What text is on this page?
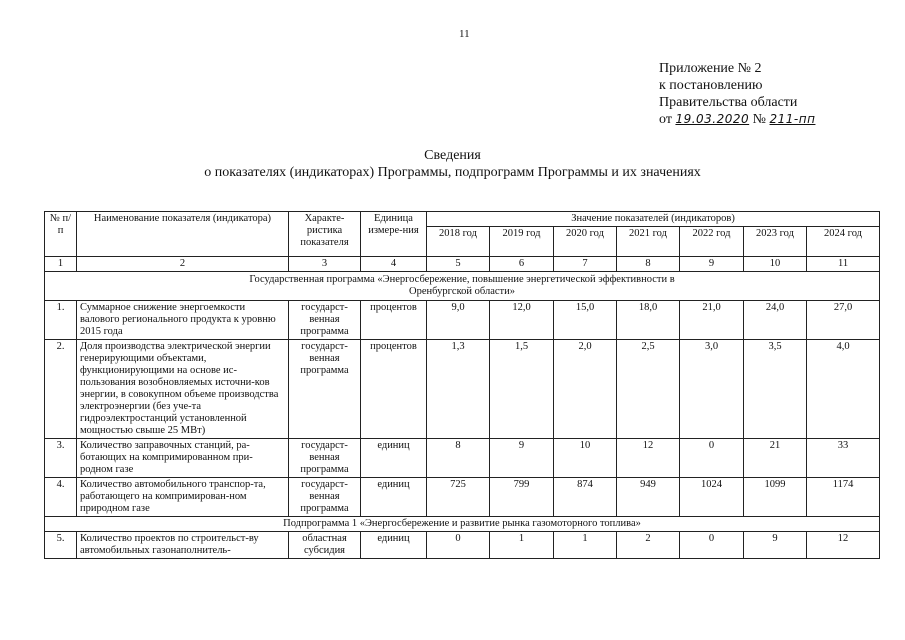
11
Приложение № 2
к постановлению
Правительства области
от 19.03.2020 № 211-пп
Сведения
о показателях (индикаторах) Программы, подпрограмм Программы и их значениях
№ п/п	Наименование показателя (индикатора)	Характе-ристика показателя	Единица измере-ния	Значение показателей (индикаторов)						
				2018 год	2019 год	2020 год	2021 год	2022 год	2023 год	2024 год
1	2	3	4	5	6	7	8	9	10	11
Государственная программа «Энергосбережение, повышение энергетической эффективности в Оренбургской области»										
1.	Суммарное снижение энергоемкости валового регионального продукта к уровню 2015 года	государст-венная программа	процентов	9,0	12,0	15,0	18,0	21,0	24,0	27,0
2.	Доля производства электрической энергии генерирующими объектами, функционирующими на основе ис-пользования возобновляемых источни-ков энергии, в совокупном объеме производства электроэнергии (без уче-та гидроэлектростанций установленной мощностью свыше 25 МВт)	государст-венная программа	процентов	1,3	1,5	2,0	2,5	3,0	3,5	4,0
3.	Количество заправочных станций, ра-ботающих на компримированном при-родном газе	государст-венная программа	единиц	8	9	10	12	0	21	33
4.	Количество автомобильного транспор-та, работающего на компримирован-ном природном газе	государст-венная программа	единиц	725	799	874	949	1024	1099	1174
Подпрограмма 1 «Энергосбережение и развитие рынка газомоторного топлива»										
5.	Количество проектов по строительст-ву автомобильных газонаполнитель-	областная субсидия	единиц	0	1	1	2	0	9	12
